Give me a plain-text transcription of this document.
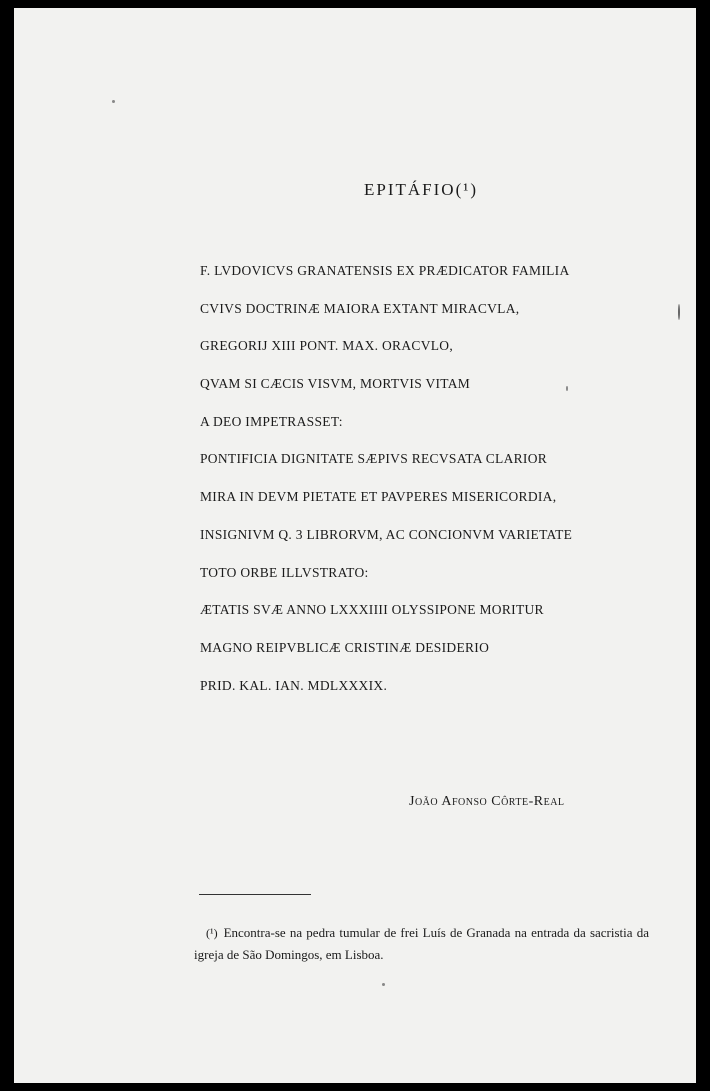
EPITÁFIO(¹)
F. LVDOVICVS GRANATENSIS EX PRÆDICATOR FAMILIA
CVIVS DOCTRINÆ MAIORA EXTANT MIRACVLA,
GREGORIJ XIII PONT. MAX. ORACVLO,
QVAM SI CÆCIS VISVM, MORTVIS VITAM
A DEO IMPETRASSET:
PONTIFICIA DIGNITATE SÆPIVS RECVSATA CLARIOR
MIRA IN DEVM PIETATE ET PAVPERES MISERICORDIA,
INSIGNIVM Q. 3 LIBRORVM, AC CONCIONVM VARIETATE
TOTO ORBE ILLVSTRATO:
ÆTATIS SVÆ ANNO LXXXIIII OLYSSIPONE MORITUR
MAGNO REIPVBLICÆ CRISTINÆ DESIDERIO
PRID. KAL. IAN. MDLXXXIX.
João Afonso Côrte-Real
(¹) Encontra-se na pedra tumular de frei Luís de Granada na entrada da sacristia da igreja de São Domingos, em Lisboa.
